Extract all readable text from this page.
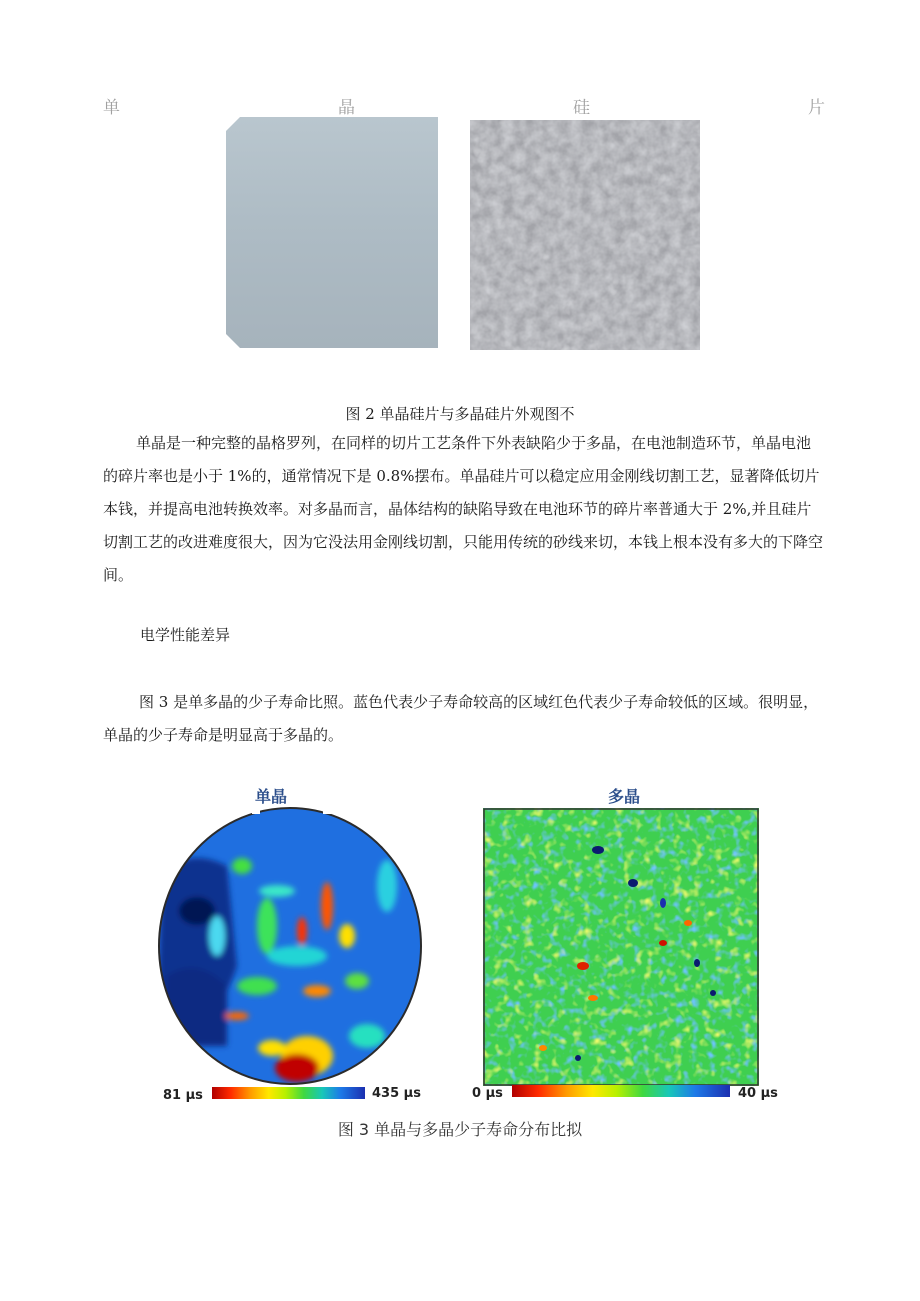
单	晶	硅	片
图 2 单晶硅片与多晶硅片外观图不
单晶是一种完整的晶格罗列，在同样的切片工艺条件下外表缺陷少于多晶，在电池制造环节，单晶电池的碎片率也是小于 1%的，通常情况下是 0.8%摆布。单晶硅片可以稳定应用金刚线切割工艺，显著降低切片本钱，并提高电池转换效率。对多晶而言，晶体结构的缺陷导致在电池环节的碎片率普通大于 2%,并且硅片切割工艺的改进难度很大，因为它没法用金刚线切割，只能用传统的砂线来切，本钱上根本没有多大的下降空间。
电学性能差异
图 3 是单多晶的少子寿命比照。蓝色代表少子寿命较高的区域红色代表少子寿命较低的区域。很明显，单晶的少子寿命是明显高于多晶的。
单晶	多晶
81 μs	435 μs	0 μs	40 μs
图 3 单晶与多晶少子寿命分布比拟
